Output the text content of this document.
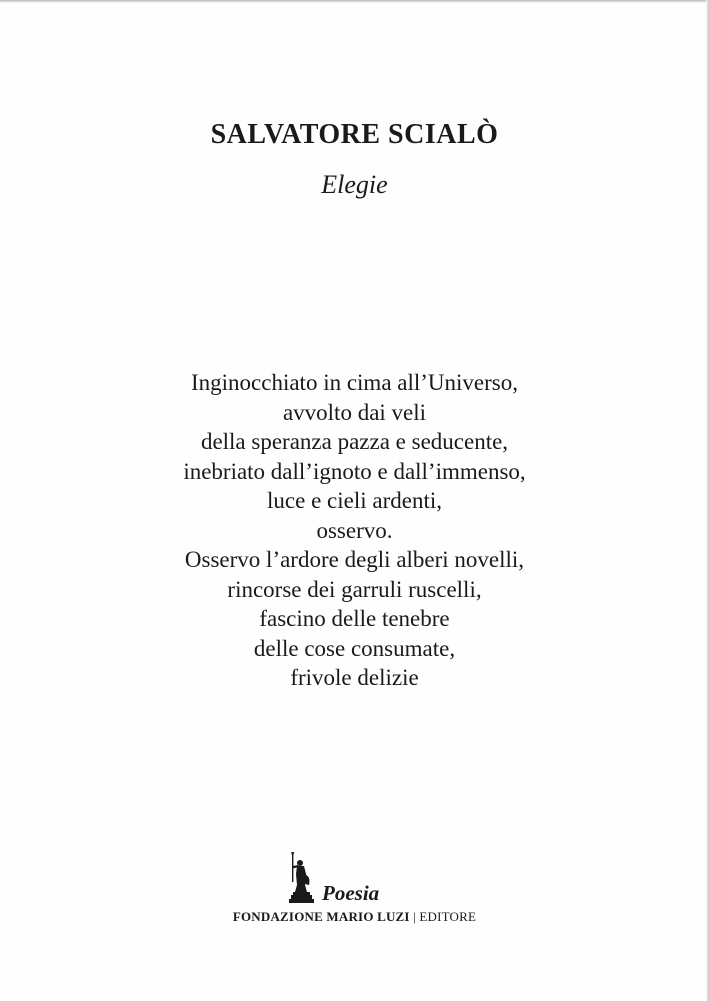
SALVATORE SCIALÒ
Elegie
Inginocchiato in cima all’Universo,
avvolto dai veli
della speranza pazza e seducente,
inebriato dall’ignoto e dall’immenso,
luce e cieli ardenti,
osservo.
Osservo l’ardore degli alberi novelli,
rincorse dei garruli ruscelli,
fascino delle tenebre
delle cose consumate,
frivole delizie
Poesia
FONDAZIONE MARIO LUZI | EDITORE
